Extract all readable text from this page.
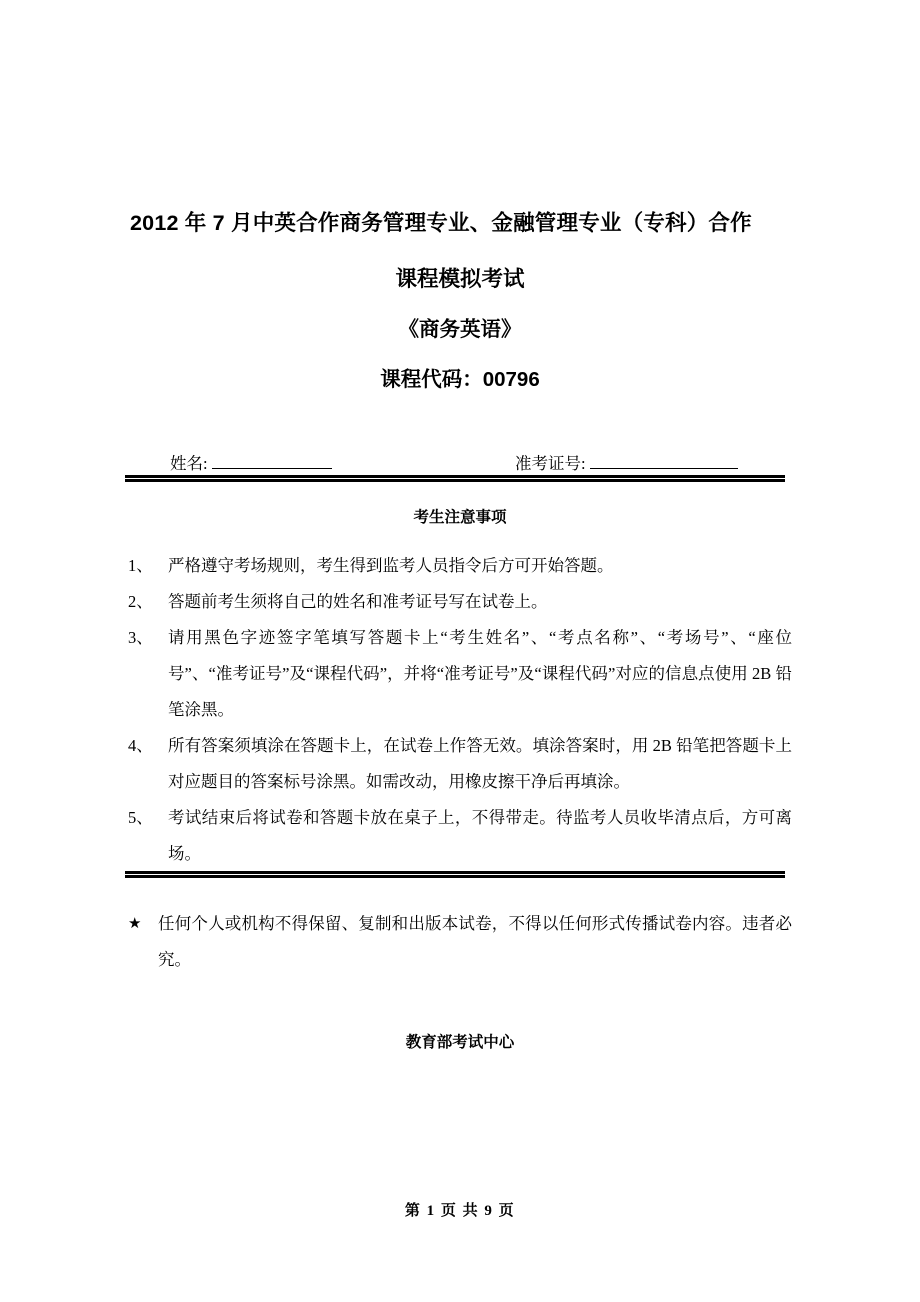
2012 年 7 月中英合作商务管理专业、金融管理专业（专科）合作
课程模拟考试
《商务英语》
课程代码：00796
姓名:	准考证号:
考生注意事项
1、 严格遵守考场规则，考生得到监考人员指令后方可开始答题。
2、 答题前考生须将自己的姓名和准考证号写在试卷上。
3、 请用黑色字迹签字笔填写答题卡上“考生姓名”、“考点名称”、“考场号”、“座位号”、“准考证号”及“课程代码”，并将“准考证号”及“课程代码”对应的信息点使用 2B 铅笔涂黑。
4、 所有答案须填涂在答题卡上，在试卷上作答无效。填涂答案时，用 2B 铅笔把答题卡上对应题目的答案标号涂黑。如需改动，用橡皮擦干净后再填涂。
5、 考试结束后将试卷和答题卡放在桌子上，不得带走。待监考人员收毕清点后，方可离场。
★	任何个人或机构不得保留、复制和出版本试卷，不得以任何形式传播试卷内容。违者必究。
教育部考试中心
第 1 页 共 9 页
